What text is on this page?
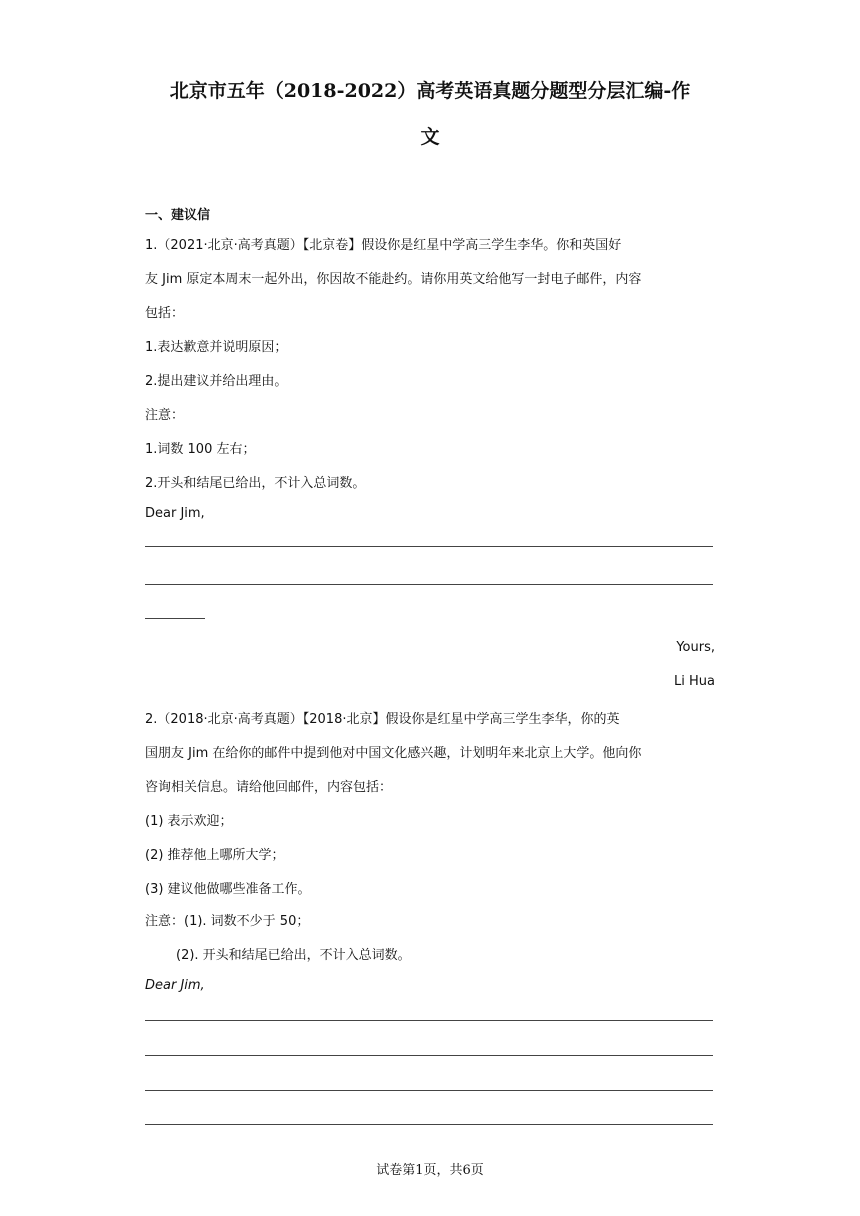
北京市五年（2018-2022）高考英语真题分题型分层汇编-作
文
一、建议信
1.（2021·北京·高考真题）【北京卷】假设你是红星中学高三学生李华。你和英国好
友 Jim 原定本周末一起外出，你因故不能赴约。请你用英文给他写一封电子邮件，内容
包括：
1.表达歉意并说明原因；
2.提出建议并给出理由。
注意：
1.词数 100 左右；
2.开头和结尾已给出，不计入总词数。
Dear Jim,
Yours,
Li Hua
2.（2018·北京·高考真题）【2018·北京】假设你是红星中学高三学生李华，你的英
国朋友 Jim 在给你的邮件中提到他对中国文化感兴趣，计划明年来北京上大学。他向你
咨询相关信息。请给他回邮件，内容包括：
(1) 表示欢迎；
(2) 推荐他上哪所大学；
(3) 建议他做哪些准备工作。
注意：(1). 词数不少于 50；
(2). 开头和结尾已给出，不计入总词数。
Dear Jim,
试卷第1页，共6页
